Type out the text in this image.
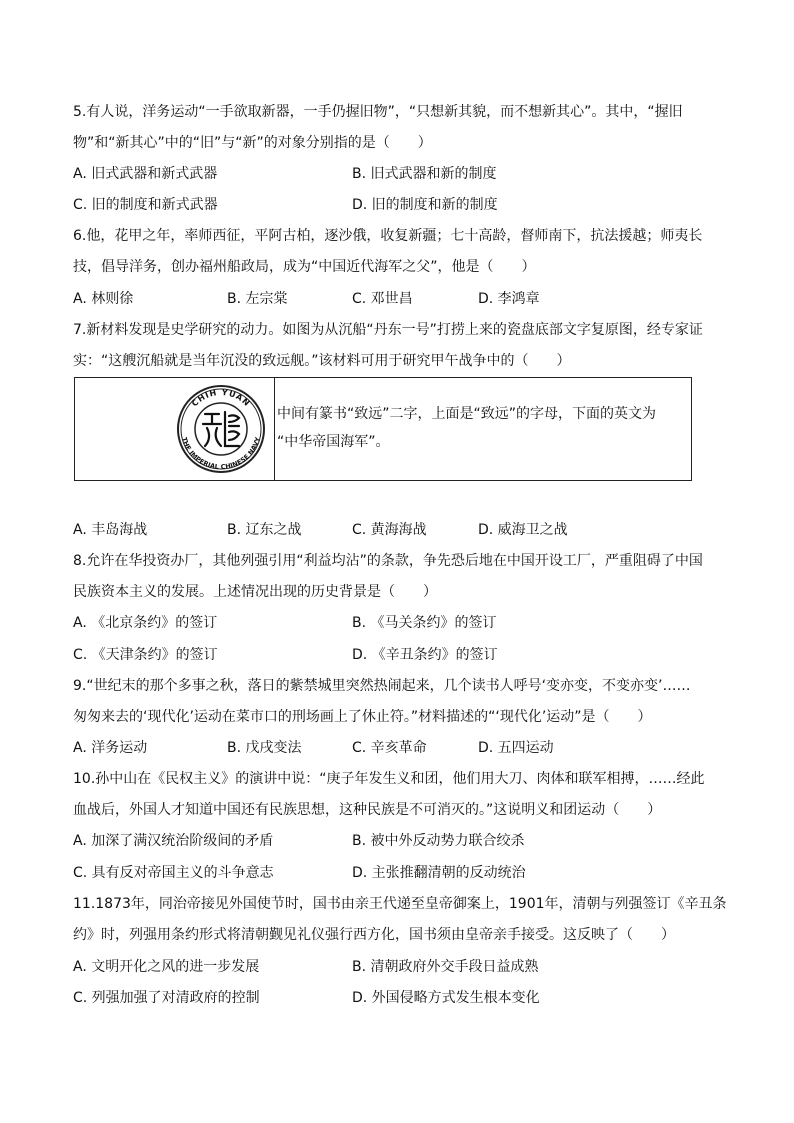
5.有人说，洋务运动“一手欲取新器，一手仍握旧物”，“只想新其貌，而不想新其心”。其中，“握旧
物”和“新其心”中的“旧”与“新”的对象分别指的是（　　）
A. 旧式武器和新式武器	B. 旧式武器和新的制度
C. 旧的制度和新式武器	D. 旧的制度和新的制度
6.他，花甲之年，率师西征，平阿古柏，逐沙俄，收复新疆；七十高龄，督师南下，抗法援越；师夷长
技，倡导洋务，创办福州船政局，成为“中国近代海军之父”，他是（　　）
A. 林则徐	B. 左宗棠	C. 邓世昌	D. 李鸿章
7.新材料发现是史学研究的动力。如图为从沉船“丹东一号”打捞上来的瓷盘底部文字复原图，经专家证
实：“这艘沉船就是当年沉没的致远舰。”该材料可用于研究甲午战争中的（　　）
CHIH YUAN
THE IMPERIAL CHINESE NAVY
中间有篆书“致远”二字，上面是“致远”的字母，下面的英文为
“中华帝国海军”。
A. 丰岛海战	B. 辽东之战	C. 黄海海战	D. 威海卫之战
8.允许在华投资办厂，其他列强引用“利益均沾”的条款，争先恐后地在中国开设工厂，严重阻碍了中国
民族资本主义的发展。上述情况出现的历史背景是（　　）
A. 《北京条约》的签订	B. 《马关条约》的签订
C. 《天津条约》的签订	D. 《辛丑条约》的签订
9.“世纪末的那个多事之秋，落日的紫禁城里突然热闹起来，几个读书人呼号‘变亦变，不变亦变’……
匆匆来去的‘现代化’运动在菜市口的刑场画上了休止符。”材料描述的“‘现代化’运动”是（　　）
A. 洋务运动	B. 戊戌变法	C. 辛亥革命	D. 五四运动
10.孙中山在《民权主义》的演讲中说：“庚子年发生义和团，他们用大刀、肉体和联军相搏，……经此
血战后，外国人才知道中国还有民族思想，这种民族是不可消灭的。”这说明义和团运动（　　）
A. 加深了满汉统治阶级间的矛盾	B. 被中外反动势力联合绞杀
C. 具有反对帝国主义的斗争意志	D. 主张推翻清朝的反动统治
11.1873年，同治帝接见外国使节时，国书由亲王代递至皇帝御案上，1901年，清朝与列强签订《辛丑条
约》时，列强用条约形式将清朝觐见礼仪强行西方化，国书须由皇帝亲手接受。这反映了（　　）
A. 文明开化之风的进一步发展	B. 清朝政府外交手段日益成熟
C. 列强加强了对清政府的控制	D. 外国侵略方式发生根本变化
